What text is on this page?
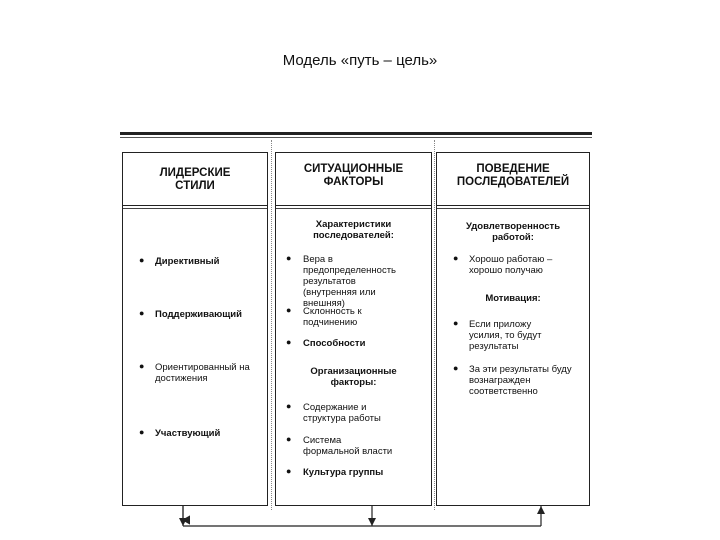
Модель «путь – цель»
ЛИДЕРСКИЕ СТИЛИ
● Директивный
● Поддерживающий
● Ориентированный на достижения
● Участвующий
СИТУАЦИОННЫЕ ФАКТОРЫ
Характеристики последователей:
● Вера в предопределенность результатов (внутренняя или внешняя)
● Склонность к подчинению
● Способности
Организационные факторы:
● Содержание и структура работы
● Система формальной власти
● Культура группы
ПОВЕДЕНИЕ ПОСЛЕДОВАТЕЛЕЙ
Удовлетворенность работой:
● Хорошо работаю – хорошо получаю
Мотивация:
● Если приложу усилия, то будут результаты
● За эти результаты буду вознагражден соответственно
